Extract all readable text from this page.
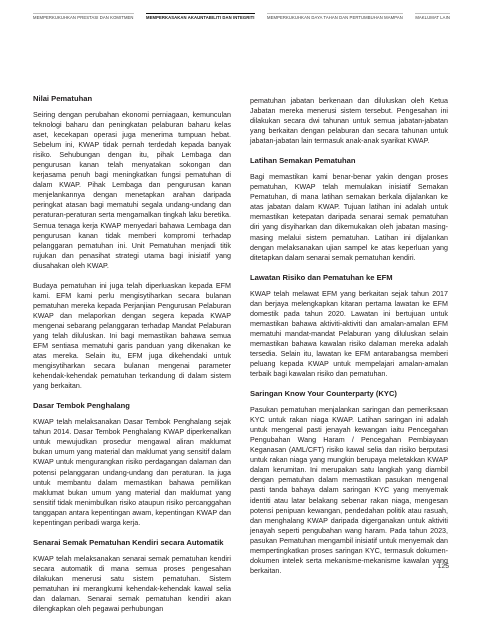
MEMPERKUKUHKAN PRESTASI DAN KOMITMEN	MEMPERKASAKAN AKAUNTABILITI DAN INTEGRITI	MEMPERKUKUHKAN DAYA TAHAN DAN PERTUMBUHAN MAMPAN	MAKLUMAT LAIN
Nilai Pematuhan

Seiring dengan perubahan ekonomi perniagaan, kemunculan teknologi baharu dan peningkatan pelaburan baharu kelas aset, kecekapan operasi juga menerima tumpuan hebat. Sebelum ini, KWAP tidak pernah terdedah kepada banyak risiko. Sehubungan dengan itu, pihak Lembaga dan pengurusan kanan telah menyatakan sokongan dan kerjasama penuh bagi meningkatkan fungsi pematuhan di dalam KWAP. Pihak Lembaga dan pengurusan kanan menjelankannya dengan menetapkan arahan daripada peringkat atasan bagi mematuhi segala undang-undang dan peraturan-peraturan serta mengamalkan tingkah laku beretika. Semua tenaga kerja KWAP menyedari bahawa Lembaga dan pengurusan kanan tidak memberi kompromi terhadap pelanggaran pematuhan ini. Unit Pematuhan menjadi titik rujukan dan penasihat strategi utama bagi inisiatif yang diusahakan oleh KWAP.

Budaya pematuhan ini juga telah diperluaskan kepada EFM kami. EFM kami perlu mengisytiharkan secara bulanan pematuhan mereka kepada Perjanjian Pengurusan Pelaburan KWAP dan melaporkan dengan segera kepada KWAP mengenai sebarang pelanggaran terhadap Mandat Pelaburan yang telah diluluskan. Ini bagi memastikan bahawa semua EFM sentiasa mematuhi garis panduan yang dikenakan ke atas mereka. Selain itu, EFM juga dikehendaki untuk mengisytiharkan secara bulanan mengenai parameter kehendak-kehendak pematuhan terkandung di dalam sistem yang berkaitan.

Dasar Tembok Penghalang

KWAP telah melaksanakan Dasar Tembok Penghalang sejak tahun 2014. Dasar Tembok Penghalang KWAP diperkenalkan untuk mewujudkan prosedur mengawal aliran maklumat bukan umum yang material dan maklumat yang sensitif dalam KWAP untuk mengurangkan risiko perdagangan dalaman dan potensi pelanggaran undang-undang dan peraturan. Ia juga untuk membantu dalam memastikan bahawa pemilikan maklumat bukan umum yang material dan maklumat yang sensitif tidak menimbulkan risiko ataupun risiko percanggahan tanggapan antara kepentingan awam, kepentingan KWAP dan kepentingan peribadi warga kerja.

Senarai Semak Pematuhan Kendiri secara Automatik

KWAP telah melaksanakan senarai semak pematuhan kendiri secara automatik di mana semua proses pengesahan dilakukan menerusi satu sistem pematuhan. Sistem pematuhan ini merangkumi kehendak-kehendak kawal selia dan dalaman. Senarai semak pematuhan kendiri akan dilengkapkan oleh pegawai perhubungan

pematuhan jabatan berkenaan dan diluluskan oleh Ketua Jabatan mereka menerusi sistem tersebut. Pengesahan ini dilakukan secara dwi tahunan untuk semua jabatan-jabatan yang berkaitan dengan pelaburan dan secara tahunan untuk jabatan-jabatan lain termasuk anak-anak syarikat KWAP.

Latihan Semakan Pematuhan

Bagi memastikan kami benar-benar yakin dengan proses pematuhan, KWAP telah memulakan inisiatif Semakan Pematuhan, di mana latihan semakan berkala dijalankan ke atas jabatan dalam KWAP. Tujuan latihan ini adalah untuk memastikan ketepatan daripada senarai semak pematuhan diri yang disyiharkan dan dikemukakan oleh jabatan masing-masing melalui sistem pematuhan. Latihan ini dijalankan dengan melaksanakan ujian sampel ke atas keperluan yang ditetapkan dalam senarai semak pematuhan kendiri.

Lawatan Risiko dan Pematuhan ke EFM

KWAP telah melawat EFM yang berkaitan sejak tahun 2017 dan berjaya melengkapkan kitaran pertama lawatan ke EFM domestik pada tahun 2020. Lawatan ini bertujuan untuk memastikan bahawa aktiviti-aktiviti dan amalan-amalan EFM mematuhi mandat-mandat Pelaburan yang diluluskan selain memastikan bahawa kawalan risiko dalaman mereka adalah tersedia. Selain itu, lawatan ke EFM antarabangsa memberi peluang kepada KWAP untuk mempelajari amalan-amalan terbaik bagi kawalan risiko dan pematuhan.

Saringan Know Your Counterparty (KYC)

Pasukan pematuhan menjalankan saringan dan pemeriksaan KYC untuk rakan niaga KWAP. Latihan saringan ini adalah untuk mengenal pasti jenayah kewangan iaitu Pencegahan Pengubahan Wang Haram / Pencegahan Pembiayaan Keganasan (AML/CFT) risiko kawal selia dan risiko berputasi untuk rakan niaga yang mungkin berupaya meletakkan KWAP dalam kerumitan. Ini merupakan satu langkah yang diambil dengan pematuhan dalam memastikan pasukan mengenal pasti tanda bahaya dalam saringan KYC yang menyemak identiti atau latar belakang sebenar rakan niaga, mengesan potensi penipuan kewangan, pendedahan politik atau rasuah, dan menghalang KWAP daripada digerganakan untuk aktiviti jenayah seperti pengubahan wang haram. Pada tahun 2023, pasukan Pematuhan mengambil inisiatif untuk menyemak dan mempertingkatkan proses saringan KYC, termasuk dokumen-dokumen intelek serta mekanisme-mekanisme kawalan yang berkaitan.

125
